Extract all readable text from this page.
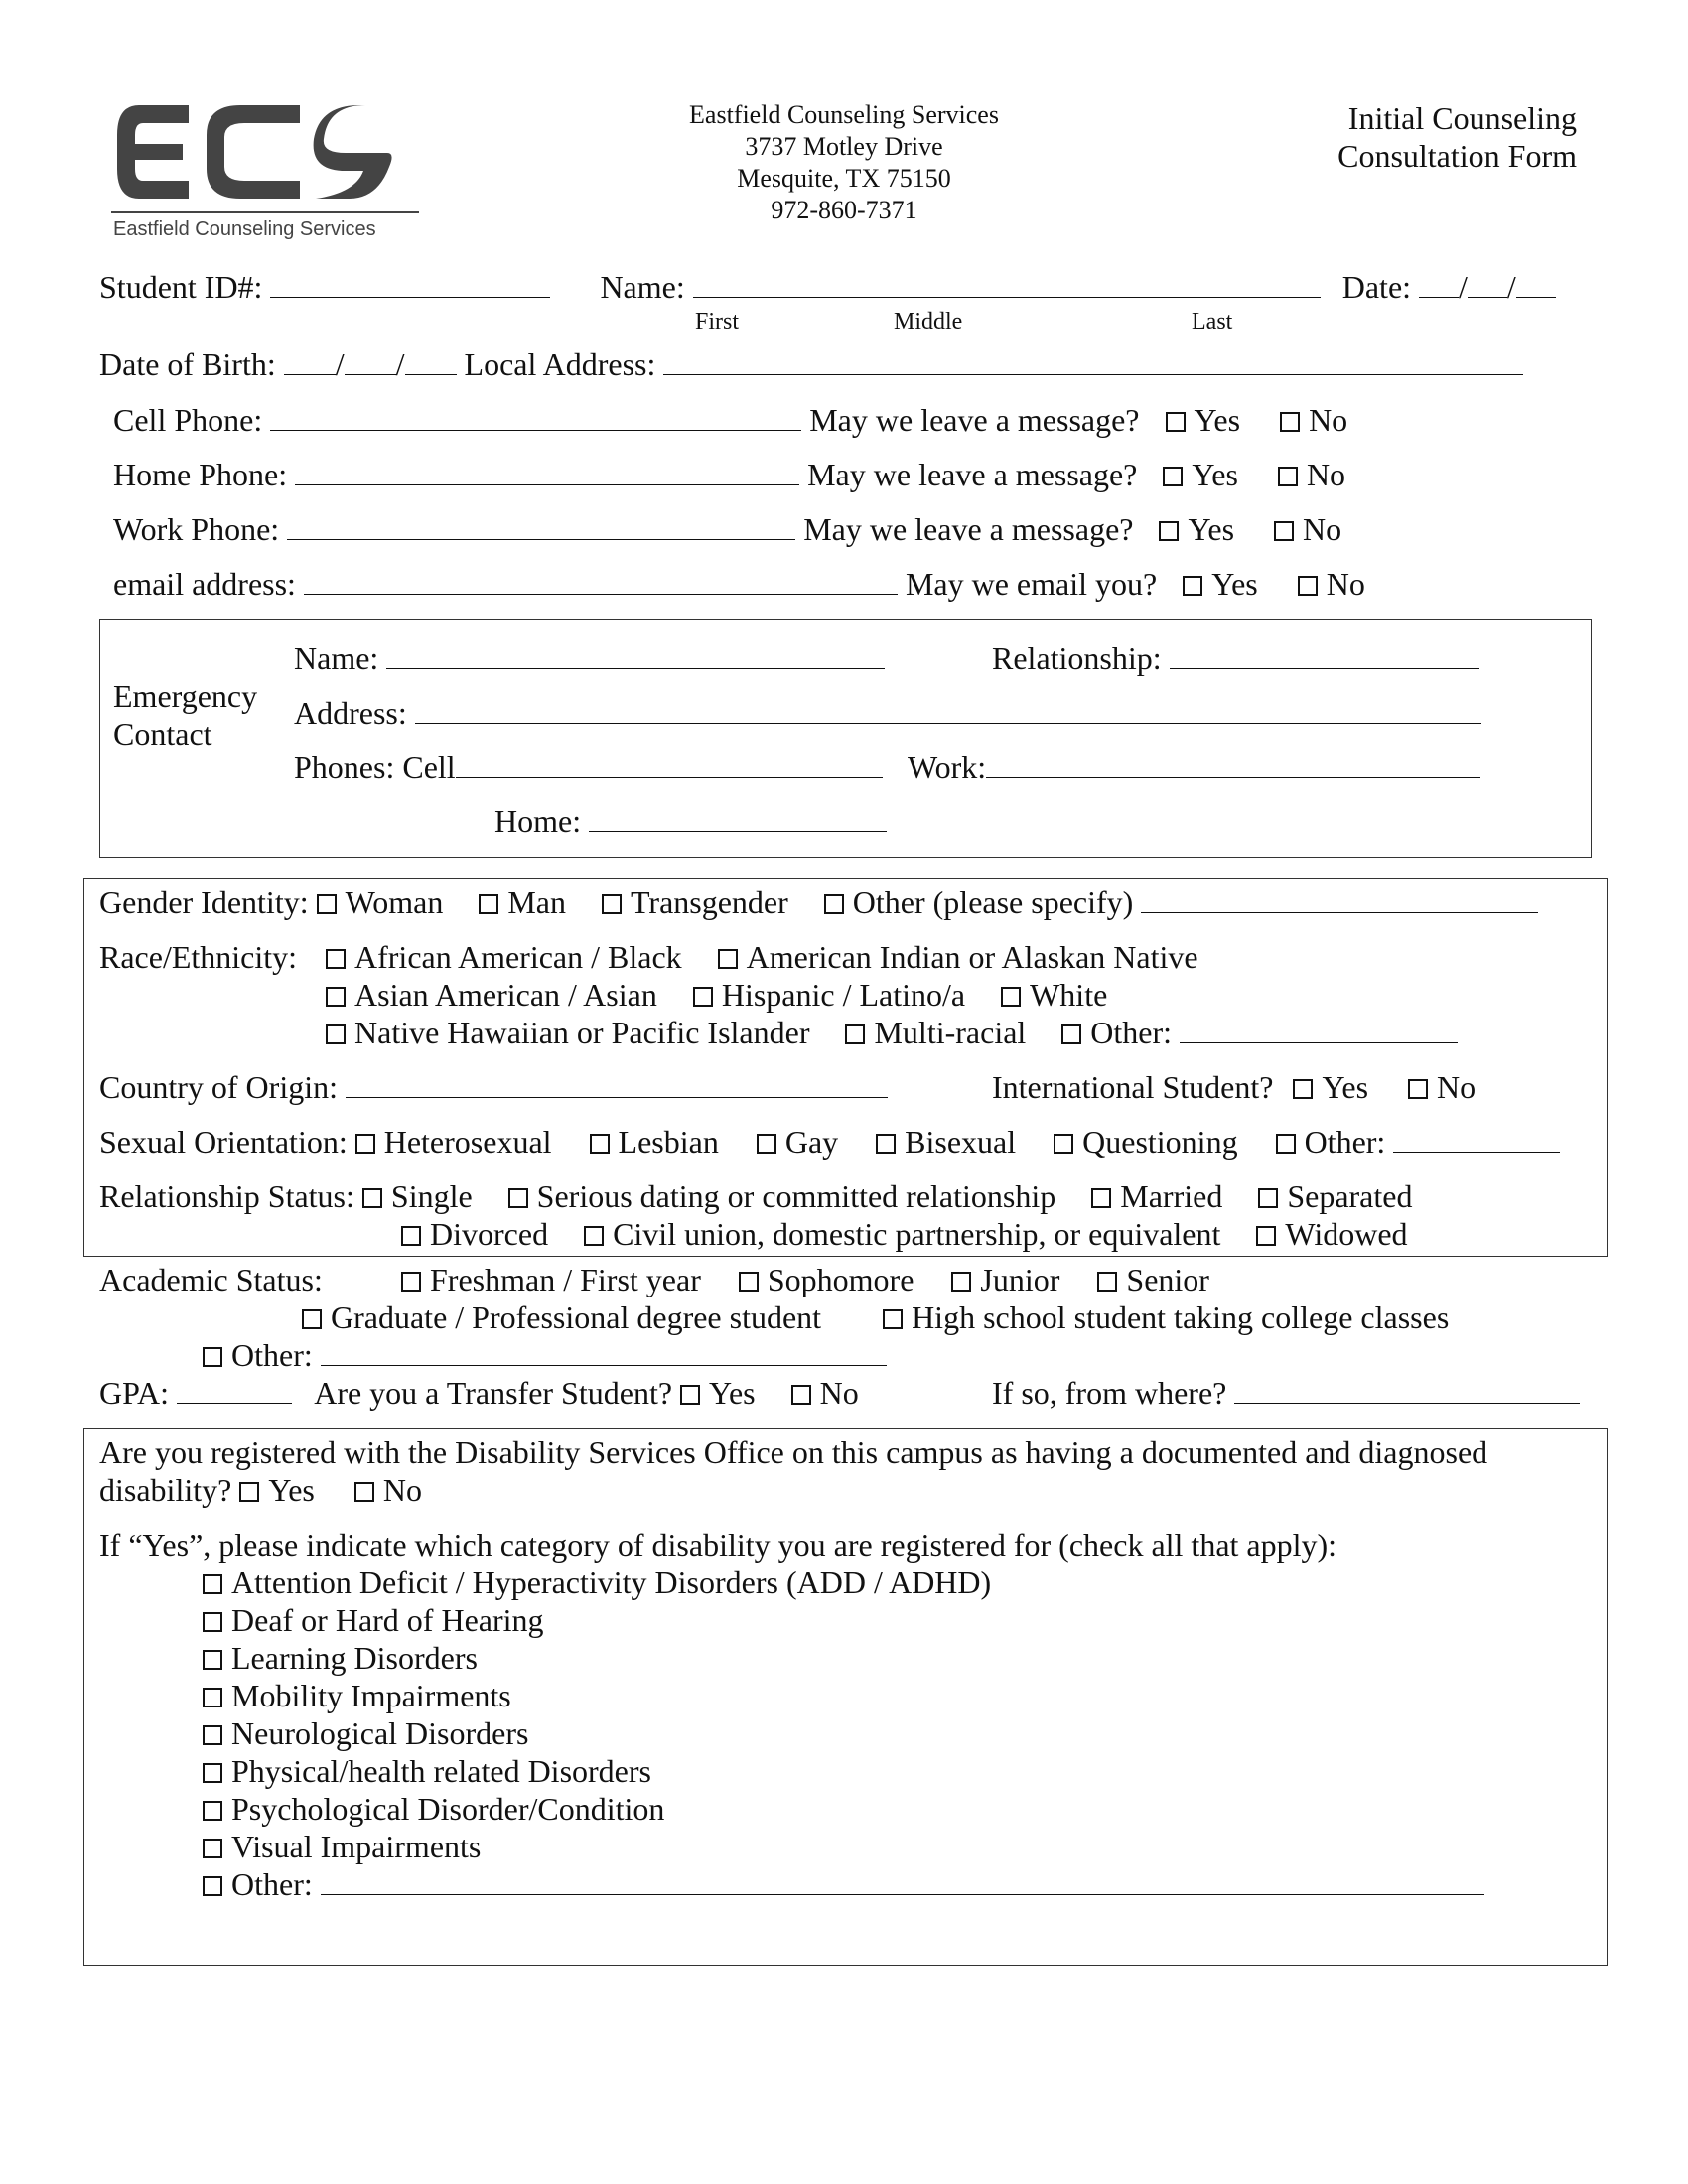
Eastfield Counseling Services
Eastfield Counseling Services
3737 Motley Drive
Mesquite, TX 75150
972-860-7371
Initial Counseling
Consultation Form
Student ID#:	Name:	Date: / /
First	Middle	Last
Date of Birth: / / Local Address:
Cell Phone:	May we leave a message? Yes No
Home Phone:	May we leave a message? Yes No
Work Phone:	May we leave a message? Yes No
email address:	May we email you? Yes No
Emergency
Contact
Name:	Relationship:
Address:
Phones: Cell	Work:
Home:
Gender Identity: Woman Man Transgender Other (please specify)
Race/Ethnicity:	African American / Black American Indian or Alaskan Native
Asian American / Asian Hispanic / Latino/a White
Native Hawaiian or Pacific Islander Multi-racial Other:
Country of Origin:	International Student? Yes No
Sexual Orientation: Heterosexual Lesbian Gay Bisexual Questioning Other:
Relationship Status: Single Serious dating or committed relationship Married Separated
Divorced Civil union, domestic partnership, or equivalent Widowed
Academic Status:	Freshman / First year Sophomore Junior Senior
Graduate / Professional degree student	High school student taking college classes
Other:
GPA:	Are you a Transfer Student? Yes No	If so, from where?
Are you registered with the Disability Services Office on this campus as having a documented and diagnosed
disability? Yes No
If “Yes”, please indicate which category of disability you are registered for (check all that apply):
Attention Deficit / Hyperactivity Disorders (ADD / ADHD)
Deaf or Hard of Hearing
Learning Disorders
Mobility Impairments
Neurological Disorders
Physical/health related Disorders
Psychological Disorder/Condition
Visual Impairments
Other:
